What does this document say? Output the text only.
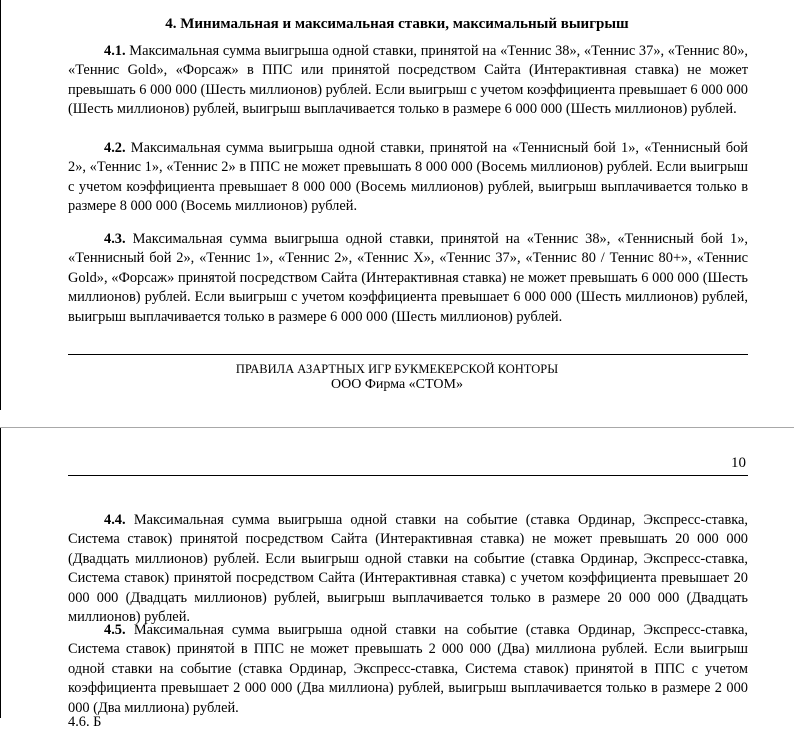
4. Минимальная и максимальная ставки, максимальный выигрыш
4.1. Максимальная сумма выигрыша одной ставки, принятой на «Теннис 38», «Теннис 37», «Теннис 80», «Теннис Gold», «Форсаж» в ППС или принятой посредством Сайта (Интерактивная ставка) не может превышать 6 000 000 (Шесть миллионов) рублей. Если выигрыш с учетом коэффициента превышает 6 000 000 (Шесть миллионов) рублей, выигрыш выплачивается только в размере 6 000 000 (Шесть миллионов) рублей.
4.2. Максимальная сумма выигрыша одной ставки, принятой на «Теннисный бой 1», «Теннисный бой 2», «Теннис 1», «Теннис 2» в ППС не может превышать 8 000 000 (Восемь миллионов) рублей. Если выигрыш с учетом коэффициента превышает 8 000 000 (Восемь миллионов) рублей, выигрыш выплачивается только в размере 8 000 000 (Восемь миллионов) рублей.
4.3. Максимальная сумма выигрыша одной ставки, принятой на «Теннис 38», «Теннисный бой 1», «Теннисный бой 2», «Теннис 1», «Теннис 2», «Теннис X», «Теннис 37», «Теннис 80 / Теннис 80+», «Теннис Gold», «Форсаж» принятой посредством Сайта (Интерактивная ставка) не может превышать 6 000 000 (Шесть миллионов) рублей. Если выигрыш с учетом коэффициента превышает 6 000 000 (Шесть миллионов) рублей, выигрыш выплачивается только в размере 6 000 000 (Шесть миллионов) рублей.
ПРАВИЛА АЗАРТНЫХ ИГР БУКМЕКЕРСКОЙ КОНТОРЫ
ООО Фирма «СТОМ»
10
4.4. Максимальная сумма выигрыша одной ставки на событие (ставка Ординар, Экспресс-ставка, Система ставок) принятой посредством Сайта (Интерактивная ставка) не может превышать 20 000 000 (Двадцать миллионов) рублей. Если выигрыш одной ставки на событие (ставка Ординар, Экспресс-ставка, Система ставок) принятой посредством Сайта (Интерактивная ставка) с учетом коэффициента превышает 20 000 000 (Двадцать миллионов) рублей, выигрыш выплачивается только в размере 20 000 000 (Двадцать миллионов) рублей.
4.5. Максимальная сумма выигрыша одной ставки на событие (ставка Ординар, Экспресс-ставка, Система ставок) принятой в ППС не может превышать 2 000 000 (Два) миллиона рублей. Если выигрыш одной ставки на событие (ставка Ординар, Экспресс-ставка, Система ставок) принятой в ППС с учетом коэффициента превышает 2 000 000 (Два миллиона) рублей, выигрыш выплачивается только в размере 2 000 000 (Два миллиона) рублей.
4.6. Б
